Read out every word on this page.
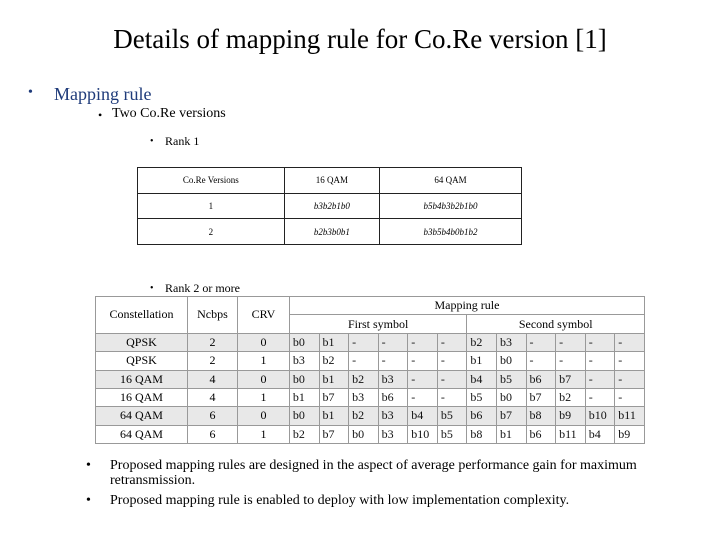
Details of mapping rule for Co.Re version [1]
• Mapping rule
• Two Co.Re versions
• Rank 1
Co.Re Versions	16 QAM	64 QAM
1	b3b2b1b0	b5b4b3b2b1b0
2	b2b3b0b1	b3b5b4b0b1b2
• Rank 2 or more
Constellation	Ncbps	CRV	Mapping rule											
			First symbol						Second symbol					
QPSK	2	0	b0	b1	-	-	-	-	b2	b3	-	-	-	-
QPSK	2	1	b3	b2	-	-	-	-	b1	b0	-	-	-	-
16 QAM	4	0	b0	b1	b2	b3	-	-	b4	b5	b6	b7	-	-
16 QAM	4	1	b1	b7	b3	b6	-	-	b5	b0	b7	b2	-	-
64 QAM	6	0	b0	b1	b2	b3	b4	b5	b6	b7	b8	b9	b10	b11
64 QAM	6	1	b2	b7	b0	b3	b10	b5	b8	b1	b6	b11	b4	b9
•	Proposed mapping rules are designed in the aspect of average performance gain for maximum retransmission.
•	Proposed mapping rule is enabled to deploy with low implementation complexity.
